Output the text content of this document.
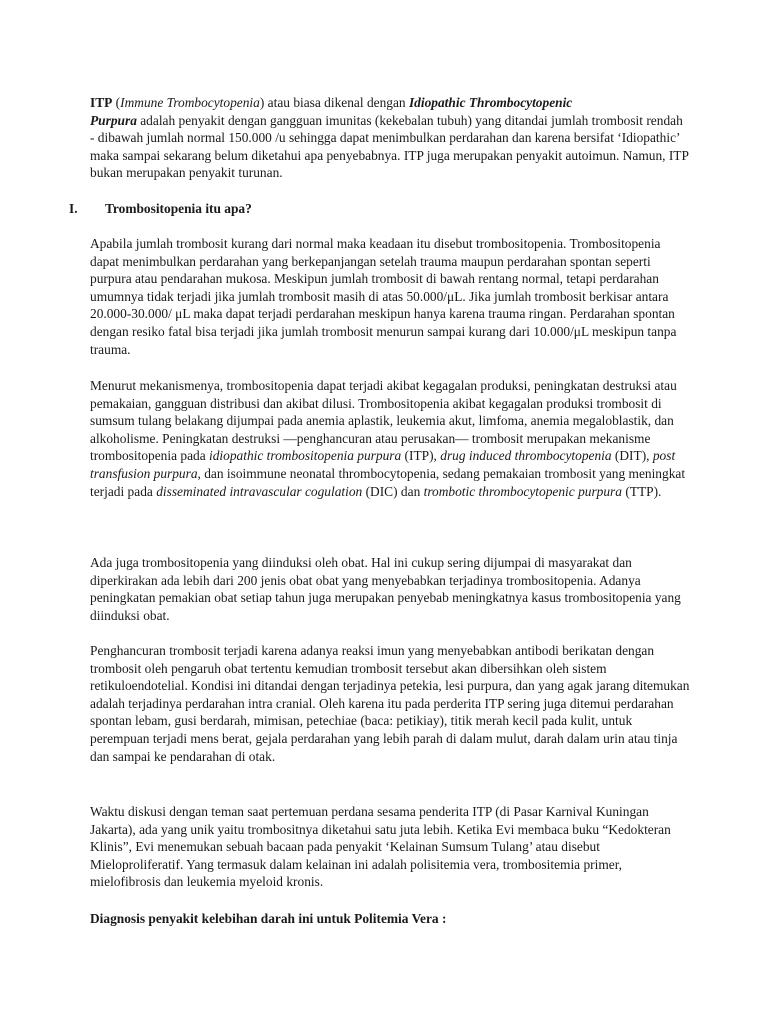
ITP (Immune Trombocytopenia) atau biasa dikenal dengan Idiopathic Thrombocytopenic
Purpura adalah penyakit dengan gangguan imunitas (kekebalan tubuh) yang ditandai jumlah trombosit rendah - dibawah jumlah normal 150.000 /u sehingga dapat menimbulkan perdarahan dan karena bersifat ‘Idiopathic’ maka sampai sekarang belum diketahui apa penyebabnya. ITP juga merupakan penyakit autoimun. Namun, ITP bukan merupakan penyakit turunan.

I. Trombositopenia itu apa?

Apabila jumlah trombosit kurang dari normal maka keadaan itu disebut trombositopenia. Trombositopenia dapat menimbulkan perdarahan yang berkepanjangan setelah trauma maupun perdarahan spontan seperti purpura atau pendarahan mukosa. Meskipun jumlah trombosit di bawah rentang normal, tetapi perdarahan umumnya tidak terjadi jika jumlah trombosit masih di atas 50.000/μL. Jika jumlah trombosit berkisar antara 20.000-30.000/ μL maka dapat terjadi perdarahan meskipun hanya karena trauma ringan. Perdarahan spontan dengan resiko fatal bisa terjadi jika jumlah trombosit menurun sampai kurang dari 10.000/μL meskipun tanpa trauma.

Menurut mekanismenya, trombositopenia dapat terjadi akibat kegagalan produksi, peningkatan destruksi atau pemakaian, gangguan distribusi dan akibat dilusi. Trombositopenia akibat kegagalan produksi trombosit di sumsum tulang belakang dijumpai pada anemia aplastik, leukemia akut, limfoma, anemia megaloblastik, dan alkoholisme. Peningkatan destruksi —penghancuran atau perusakan— trombosit merupakan mekanisme trombositopenia pada idiopathic trombositopenia purpura (ITP), drug induced thrombocytopenia (DIT), post transfusion purpura, dan isoimmune neonatal thrombocytopenia, sedang pemakaian trombosit yang meningkat terjadi pada disseminated intravascular cogulation (DIC) dan trombotic thrombocytopenic purpura (TTP).

Ada juga trombositopenia yang diinduksi oleh obat. Hal ini cukup sering dijumpai di masyarakat dan diperkirakan ada lebih dari 200 jenis obat obat yang menyebabkan terjadinya trombositopenia. Adanya peningkatan pemakian obat setiap tahun juga merupakan penyebab meningkatnya kasus trombositopenia yang diinduksi obat.

Penghancuran trombosit terjadi karena adanya reaksi imun yang menyebabkan antibodi berikatan dengan trombosit oleh pengaruh obat tertentu kemudian trombosit tersebut akan dibersihkan oleh sistem retikuloendotelial. Kondisi ini ditandai dengan terjadinya petekia, lesi purpura, dan yang agak jarang ditemukan adalah terjadinya perdarahan intra cranial. Oleh karena itu pada perderita ITP sering juga ditemui perdarahan spontan lebam, gusi berdarah, mimisan, petechiae (baca: petikiay), titik merah kecil pada kulit, untuk perempuan terjadi mens berat, gejala perdarahan yang lebih parah di dalam mulut, darah dalam urin atau tinja dan sampai ke pendarahan di otak.

Waktu diskusi dengan teman saat pertemuan perdana sesama penderita ITP (di Pasar Karnival Kuningan Jakarta), ada yang unik yaitu trombositnya diketahui satu juta lebih. Ketika Evi membaca buku “Kedokteran Klinis”, Evi menemukan sebuah bacaan pada penyakit ‘Kelainan Sumsum Tulang’ atau disebut Mieloproliferatif. Yang termasuk dalam kelainan ini adalah polisitemia vera, trombositemia primer, mielofibrosis dan leukemia myeloid kronis.

Diagnosis penyakit kelebihan darah ini untuk Politemia Vera :
